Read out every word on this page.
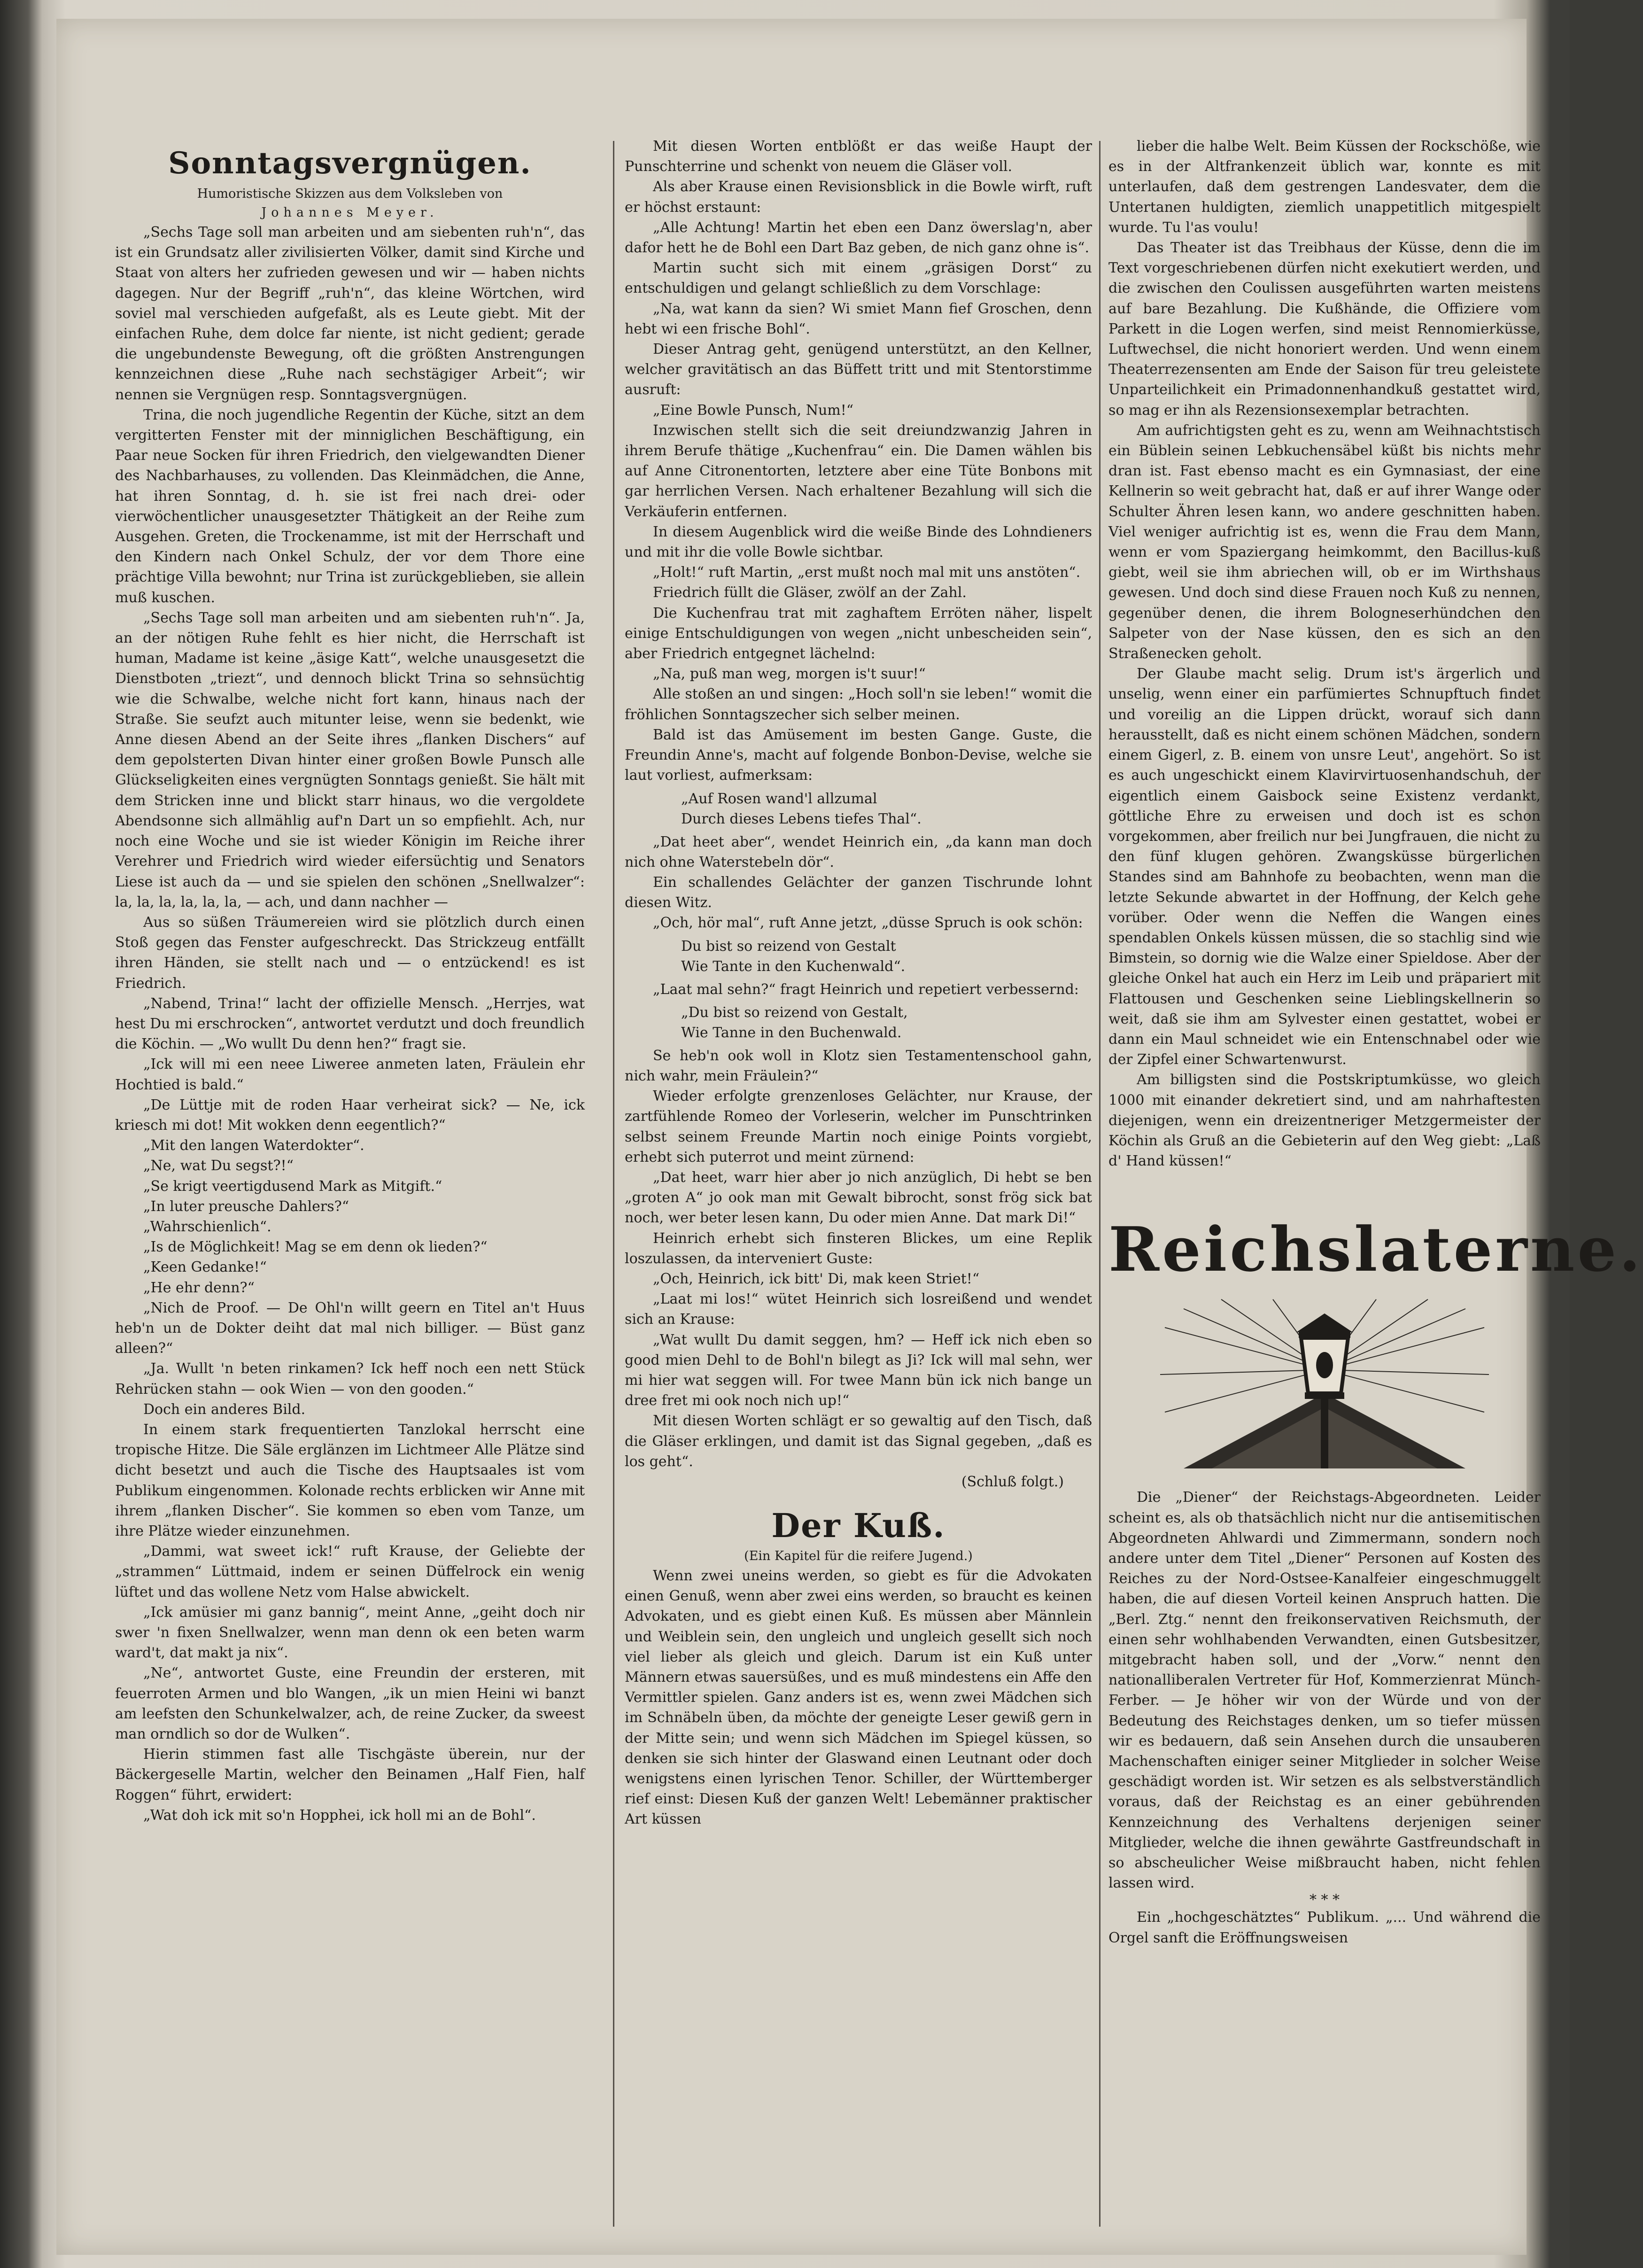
Sonntagsvergnügen.
Humoristische Skizzen aus dem Volksleben von
Johannes Meyer.

„Sechs Tage soll man arbeiten und am siebenten ruh'n“, das ist ein Grundsatz aller zivilisierten Völker, damit sind Kirche und Staat von alters her zufrieden gewesen und wir — haben nichts dagegen. Nur der Begriff „ruh'n“, das kleine Wörtchen, wird soviel mal verschieden aufgefaßt, als es Leute giebt. Mit der einfachen Ruhe, dem dolce far niente, ist nicht gedient; gerade die ungebundenste Bewegung, oft die größten Anstrengungen kennzeichnen diese „Ruhe nach sechstägiger Arbeit“; wir nennen sie Vergnügen resp. Sonntagsvergnügen.

Trina, die noch jugendliche Regentin der Küche, sitzt an dem vergitterten Fenster mit der minniglichen Beschäftigung, ein Paar neue Socken für ihren Friedrich, den vielgewandten Diener des Nachbarhauses, zu vollenden. Das Kleinmädchen, die Anne, hat ihren Sonntag, d. h. sie ist frei nach drei- oder vierwöchentlicher unausgesetzter Thätigkeit an der Reihe zum Ausgehen. Greten, die Trockenamme, ist mit der Herrschaft und den Kindern nach Onkel Schulz, der vor dem Thore eine prächtige Villa bewohnt; nur Trina ist zurückgeblieben, sie allein muß kuschen.

„Sechs Tage soll man arbeiten und am siebenten ruh'n“. Ja, an der nötigen Ruhe fehlt es hier nicht, die Herrschaft ist human, Madame ist keine „äsige Katt“, welche unausgesetzt die Dienstboten „triezt“, und dennoch blickt Trina so sehnsüchtig wie die Schwalbe, welche nicht fort kann, hinaus nach der Straße. Sie seufzt auch mitunter leise, wenn sie bedenkt, wie Anne diesen Abend an der Seite ihres „flanken Dischers“ auf dem gepolsterten Divan hinter einer großen Bowle Punsch alle Glückseligkeiten eines vergnügten Sonntags genießt. Sie hält mit dem Stricken inne und blickt starr hinaus, wo die vergoldete Abendsonne sich allmählig auf'n Dart un so empfiehlt. Ach, nur noch eine Woche und sie ist wieder Königin im Reiche ihrer Verehrer und Friedrich wird wieder eifersüchtig und Senators Liese ist auch da — und sie spielen den schönen „Snellwalzer“: la, la, la, la, la, la, — ach, und dann nachher —

Aus so süßen Träumereien wird sie plötzlich durch einen Stoß gegen das Fenster aufgeschreckt. Das Strickzeug entfällt ihren Händen, sie stellt nach und — o entzückend! es ist Friedrich.

„Nabend, Trina!“ lacht der offizielle Mensch. „Herrjes, wat hest Du mi erschrocken“, antwortet verdutzt und doch freundlich die Köchin. — „Wo wullt Du denn hen?“ fragt sie.

„Ick will mi een neee Liweree anmeten laten, Fräulein ehr Hochtied is bald.“

„De Lüttje mit de roden Haar verheirat sick? — Ne, ick kriesch mi dot! Mit wokken denn eegentlich?“

„Mit den langen Waterdokter“.

„Ne, wat Du segst?!“

„Se krigt veertigdusend Mark as Mitgift.“

„In luter preusche Dahlers?“

„Wahrschienlich“.

„Is de Möglichkeit! Mag se em denn ok lieden?“

„Keen Gedanke!“

„He ehr denn?“

„Nich de Proof. — De Ohl'n willt geern en Titel an't Huus heb'n un de Dokter deiht dat mal nich billiger. — Büst ganz alleen?“

„Ja. Wullt 'n beten rinkamen? Ick heff noch een nett Stück Rehrücken stahn — ook Wien — von den gooden.“

Doch ein anderes Bild.

In einem stark frequentierten Tanzlokal herrscht eine tropische Hitze. Die Säle erglänzen im Lichtmeer Alle Plätze sind dicht besetzt und auch die Tische des Hauptsaales ist vom Publikum eingenommen. Kolonade rechts erblicken wir Anne mit ihrem „flanken Discher“. Sie kommen so eben vom Tanze, um ihre Plätze wieder einzunehmen.

„Dammi, wat sweet ick!“ ruft Krause, der Geliebte der „strammen“ Lüttmaid, indem er seinen Düffelrock ein wenig lüftet und das wollene Netz vom Halse abwickelt.

„Ick amüsier mi ganz bannig“, meint Anne, „geiht doch nir swer 'n fixen Snellwalzer, wenn man denn ok een beten warm ward't, dat makt ja nix“.

„Ne“, antwortet Guste, eine Freundin der ersteren, mit feuerroten Armen und blo Wangen, „ik un mien Heini wi banzt am leefsten den Schunkelwalzer, ach, de reine Zucker, da sweest man orndlich so dor de Wulken“.

Hierin stimmen fast alle Tischgäste überein, nur der Bäckergeselle Martin, welcher den Beinamen „Half Fien, half Roggen“ führt, erwidert:

„Wat doh ick mit so'n Hopphei, ick holl mi an de Bohl“.

Mit diesen Worten entblößt er das weiße Haupt der Punschterrine und schenkt von neuem die Gläser voll.

Als aber Krause einen Revisionsblick in die Bowle wirft, ruft er höchst erstaunt:

„Alle Achtung! Martin het eben een Danz öwerslag'n, aber dafor hett he de Bohl een Dart Baz geben, de nich ganz ohne is“.

Martin sucht sich mit einem „gräsigen Dorst“ zu entschuldigen und gelangt schließlich zu dem Vorschlage:

„Na, wat kann da sien? Wi smiet Mann fief Groschen, denn hebt wi een frische Bohl“.

Dieser Antrag geht, genügend unterstützt, an den Kellner, welcher gravitätisch an das Büffett tritt und mit Stentorstimme ausruft:

„Eine Bowle Punsch, Num!“

Inzwischen stellt sich die seit dreiundzwanzig Jahren in ihrem Berufe thätige „Kuchenfrau“ ein. Die Damen wählen bis auf Anne Citronentorten, letztere aber eine Tüte Bonbons mit gar herrlichen Versen. Nach erhaltener Bezahlung will sich die Verkäuferin entfernen.

In diesem Augenblick wird die weiße Binde des Lohndieners und mit ihr die volle Bowle sichtbar.

„Holt!“ ruft Martin, „erst mußt noch mal mit uns anstöten“.

Friedrich füllt die Gläser, zwölf an der Zahl.

Die Kuchenfrau trat mit zaghaftem Erröten näher, lispelt einige Entschuldigungen von wegen „nicht unbescheiden sein“, aber Friedrich entgegnet lächelnd:

„Na, puß man weg, morgen is't suur!“

Alle stoßen an und singen: „Hoch soll'n sie leben!“ womit die fröhlichen Sonntagszecher sich selber meinen.

Bald ist das Amüsement im besten Gange. Guste, die Freundin Anne's, macht auf folgende Bonbon-Devise, welche sie laut vorliest, aufmerksam:

„Auf Rosen wand'l allzumal
Durch dieses Lebens tiefes Thal“.

„Dat heet aber“, wendet Heinrich ein, „da kann man doch nich ohne Waterstebeln dör“.

Ein schallendes Gelächter der ganzen Tischrunde lohnt diesen Witz.

„Och, hör mal“, ruft Anne jetzt, „düsse Spruch is ook schön:

Du bist so reizend von Gestalt
Wie Tante in den Kuchenwald“.

„Laat mal sehn?“ fragt Heinrich und repetiert verbessernd:

„Du bist so reizend von Gestalt,
Wie Tanne in den Buchenwald.

Se heb'n ook woll in Klotz sien Testamentenschool gahn, nich wahr, mein Fräulein?“

Wieder erfolgte grenzenloses Gelächter, nur Krause, der zartfühlende Romeo der Vorleserin, welcher im Punschtrinken selbst seinem Freunde Martin noch einige Points vorgiebt, erhebt sich puterrot und meint zürnend:

„Dat heet, warr hier aber jo nich anzüglich, Di hebt se ben „groten A“ jo ook man mit Gewalt bibrocht, sonst frög sick bat noch, wer beter lesen kann, Du oder mien Anne. Dat mark Di!“

Heinrich erhebt sich finsteren Blickes, um eine Replik loszulassen, da interveniert Guste:

„Och, Heinrich, ick bitt' Di, mak keen Striet!“

„Laat mi los!“ wütet Heinrich sich losreißend und wendet sich an Krause:

„Wat wullt Du damit seggen, hm? — Heff ick nich eben so good mien Dehl to de Bohl'n bilegt as Ji? Ick will mal sehn, wer mi hier wat seggen will. For twee Mann bün ick nich bange un dree fret mi ook noch nich up!“

Mit diesen Worten schlägt er so gewaltig auf den Tisch, daß die Gläser erklingen, und damit ist das Signal gegeben, „daß es los geht“.

(Schluß folgt.)
Der Kuß.
(Ein Kapitel für die reifere Jugend.)

Wenn zwei uneins werden, so giebt es für die Advokaten einen Genuß, wenn aber zwei eins werden, so braucht es keinen Advokaten, und es giebt einen Kuß. Es müssen aber Männlein und Weiblein sein, den ungleich und ungleich gesellt sich noch viel lieber als gleich und gleich. Darum ist ein Kuß unter Männern etwas sauersüßes, und es muß mindestens ein Affe den Vermittler spielen. Ganz anders ist es, wenn zwei Mädchen sich im Schnäbeln üben, da möchte der geneigte Leser gewiß gern in der Mitte sein; und wenn sich Mädchen im Spiegel küssen, so denken sie sich hinter der Glaswand einen Leutnant oder doch wenigstens einen lyrischen Tenor. Schiller, der Württemberger rief einst: Diesen Kuß der ganzen Welt! Lebemänner praktischer Art küssen

lieber die halbe Welt. Beim Küssen der Rockschöße, wie es in der Altfrankenzeit üblich war, konnte es mit unterlaufen, daß dem gestrengen Landesvater, dem die Untertanen huldigten, ziemlich unappetitlich mitgespielt wurde. Tu l'as voulu!

Das Theater ist das Treibhaus der Küsse, denn die im Text vorgeschriebenen dürfen nicht exekutiert werden, und die zwischen den Coulissen ausgeführten warten meistens auf bare Bezahlung. Die Kußhände, die Offiziere vom Parkett in die Logen werfen, sind meist Rennomierküsse, Luftwechsel, die nicht honoriert werden. Und wenn einem Theaterrezensenten am Ende der Saison für treu geleistete Unparteilichkeit ein Primadonnenhandkuß gestattet wird, so mag er ihn als Rezensionsexemplar betrachten.

Am aufrichtigsten geht es zu, wenn am Weihnachtstisch ein Büblein seinen Lebkuchensäbel küßt bis nichts mehr dran ist. Fast ebenso macht es ein Gymnasiast, der eine Kellnerin so weit gebracht hat, daß er auf ihrer Wange oder Schulter Ähren lesen kann, wo andere geschnitten haben. Viel weniger aufrichtig ist es, wenn die Frau dem Mann, wenn er vom Spaziergang heimkommt, den Bacillus-kuß giebt, weil sie ihm abriechen will, ob er im Wirthshaus gewesen. Und doch sind diese Frauen noch Kuß zu nennen, gegenüber denen, die ihrem Bologneserhündchen den Salpeter von der Nase küssen, den es sich an den Straßenecken geholt.

Der Glaube macht selig. Drum ist's ärgerlich und unselig, wenn einer ein parfümiertes Schnupftuch findet und voreilig an die Lippen drückt, worauf sich dann herausstellt, daß es nicht einem schönen Mädchen, sondern einem Gigerl, z. B. einem von unsre Leut', angehört. So ist es auch ungeschickt einem Klavirvirtuosenhandschuh, der eigentlich einem Gaisbock seine Existenz verdankt, göttliche Ehre zu erweisen und doch ist es schon vorgekommen, aber freilich nur bei Jungfrauen, die nicht zu den fünf klugen gehören. Zwangsküsse bürgerlichen Standes sind am Bahnhofe zu beobachten, wenn man die letzte Sekunde abwartet in der Hoffnung, der Kelch gehe vorüber. Oder wenn die Neffen die Wangen eines spendablen Onkels küssen müssen, die so stachlig sind wie Bimstein, so dornig wie die Walze einer Spieldose. Aber der gleiche Onkel hat auch ein Herz im Leib und präpariert mit Flattousen und Geschenken seine Lieblingskellnerin so weit, daß sie ihm am Sylvester einen gestattet, wobei er dann ein Maul schneidet wie ein Entenschnabel oder wie der Zipfel einer Schwartenwurst.

Am billigsten sind die Postskriptumküsse, wo gleich 1000 mit einander dekretiert sind, und am nahrhaftesten diejenigen, wenn ein dreizentneriger Metzgermeister der Köchin als Gruß an die Gebieterin auf den Weg giebt: „Laß d' Hand küssen!“

Reichslaterne.

Die „Diener“ der Reichstags-Abgeordneten. Leider scheint es, als ob thatsächlich nicht nur die antisemitischen Abgeordneten Ahlwardi und Zimmermann, sondern noch andere unter dem Titel „Diener“ Personen auf Kosten des Reiches zu der Nord-Ostsee-Kanalfeier eingeschmuggelt haben, die auf diesen Vorteil keinen Anspruch hatten. Die „Berl. Ztg.“ nennt den freikonservativen Reichsmuth, der einen sehr wohlhabenden Verwandten, einen Gutsbesitzer, mitgebracht haben soll, und der „Vorw.“ nennt den nationalliberalen Vertreter für Hof, Kommerzienrat Münch-Ferber. — Je höher wir von der Würde und von der Bedeutung des Reichstages denken, um so tiefer müssen wir es bedauern, daß sein Ansehen durch die unsauberen Machenschaften einiger seiner Mitglieder in solcher Weise geschädigt worden ist. Wir setzen es als selbstverständlich voraus, daß der Reichstag es an einer gebührenden Kennzeichnung des Verhaltens derjenigen seiner Mitglieder, welche die ihnen gewährte Gastfreundschaft in so abscheulicher Weise mißbraucht haben, nicht fehlen lassen wird.

* * *

Ein „hochgeschätztes“ Publikum. „... Und während die Orgel sanft die Eröffnungsweisen
